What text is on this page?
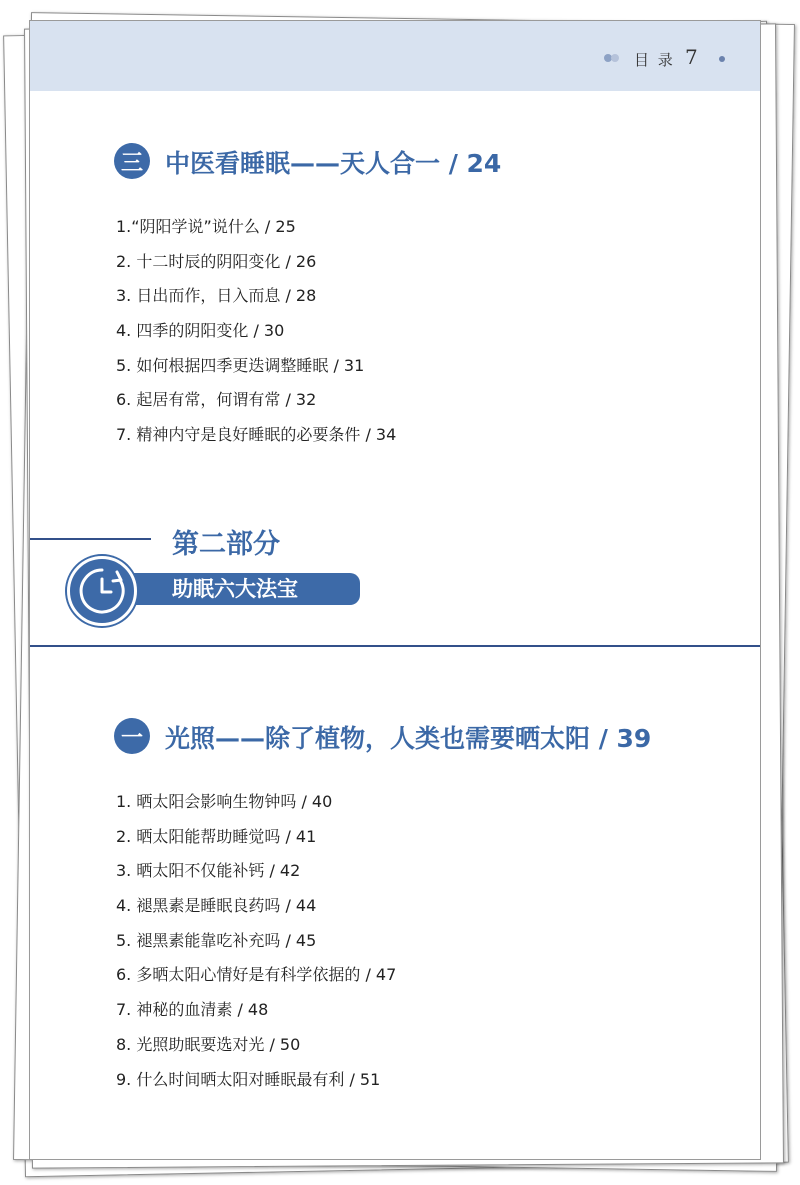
目 录 7
三 中医看睡眠——天人合一 / 24
1.“阴阳学说”说什么 / 25
2. 十二时辰的阴阳变化 / 26
3. 日出而作，日入而息 / 28
4. 四季的阴阳变化 / 30
5. 如何根据四季更迭调整睡眠 / 31
6. 起居有常，何谓有常 / 32
7. 精神内守是良好睡眠的必要条件 / 34
第二部分
助眠六大法宝
一 光照——除了植物，人类也需要晒太阳 / 39
1. 晒太阳会影响生物钟吗 / 40
2. 晒太阳能帮助睡觉吗 / 41
3. 晒太阳不仅能补钙 / 42
4. 褪黑素是睡眠良药吗 / 44
5. 褪黑素能靠吃补充吗 / 45
6. 多晒太阳心情好是有科学依据的 / 47
7. 神秘的血清素 / 48
8. 光照助眠要选对光 / 50
9. 什么时间晒太阳对睡眠最有利 / 51
